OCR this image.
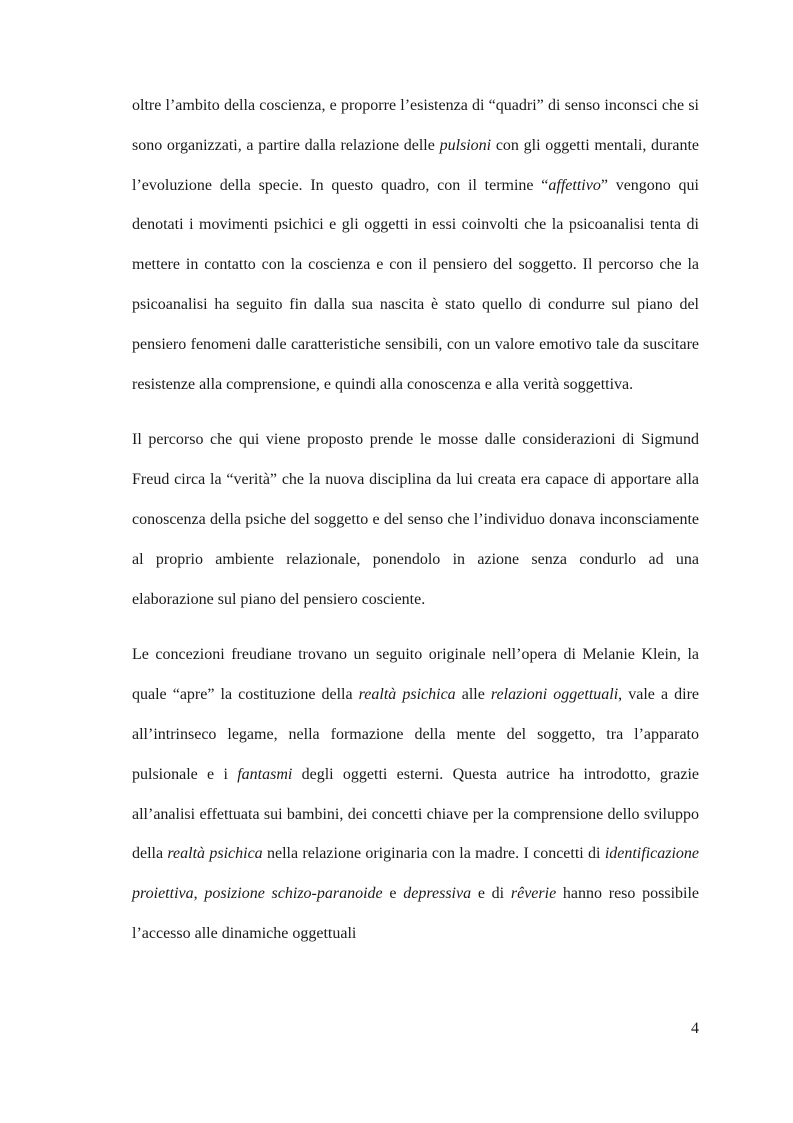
oltre l’ambito della coscienza, e proporre l’esistenza di “quadri” di senso inconsci che si sono organizzati, a partire dalla relazione delle pulsioni con gli oggetti mentali, durante l’evoluzione della specie. In questo quadro, con il termine “affettivo” vengono qui denotati i movimenti psichici e gli oggetti in essi coinvolti che la psicoanalisi tenta di mettere in contatto con la coscienza e con il pensiero del soggetto. Il percorso che la psicoanalisi ha seguito fin dalla sua nascita è stato quello di condurre sul piano del pensiero fenomeni dalle caratteristiche sensibili, con un valore emotivo tale da suscitare resistenze alla comprensione, e quindi alla conoscenza e alla verità soggettiva.

Il percorso che qui viene proposto prende le mosse dalle considerazioni di Sigmund Freud circa la “verità” che la nuova disciplina da lui creata era capace di apportare alla conoscenza della psiche del soggetto e del senso che l’individuo donava inconsciamente al proprio ambiente relazionale, ponendolo in azione senza condurlo ad una elaborazione sul piano del pensiero cosciente.

Le concezioni freudiane trovano un seguito originale nell’opera di Melanie Klein, la quale “apre” la costituzione della realtà psichica alle relazioni oggettuali, vale a dire all’intrinseco legame, nella formazione della mente del soggetto, tra l’apparato pulsionale e i fantasmi degli oggetti esterni. Questa autrice ha introdotto, grazie all’analisi effettuata sui bambini, dei concetti chiave per la comprensione dello sviluppo della realtà psichica nella relazione originaria con la madre. I concetti di identificazione proiettiva, posizione schizo-paranoide e depressiva e di rêverie hanno reso possibile l’accesso alle dinamiche oggettuali

4
